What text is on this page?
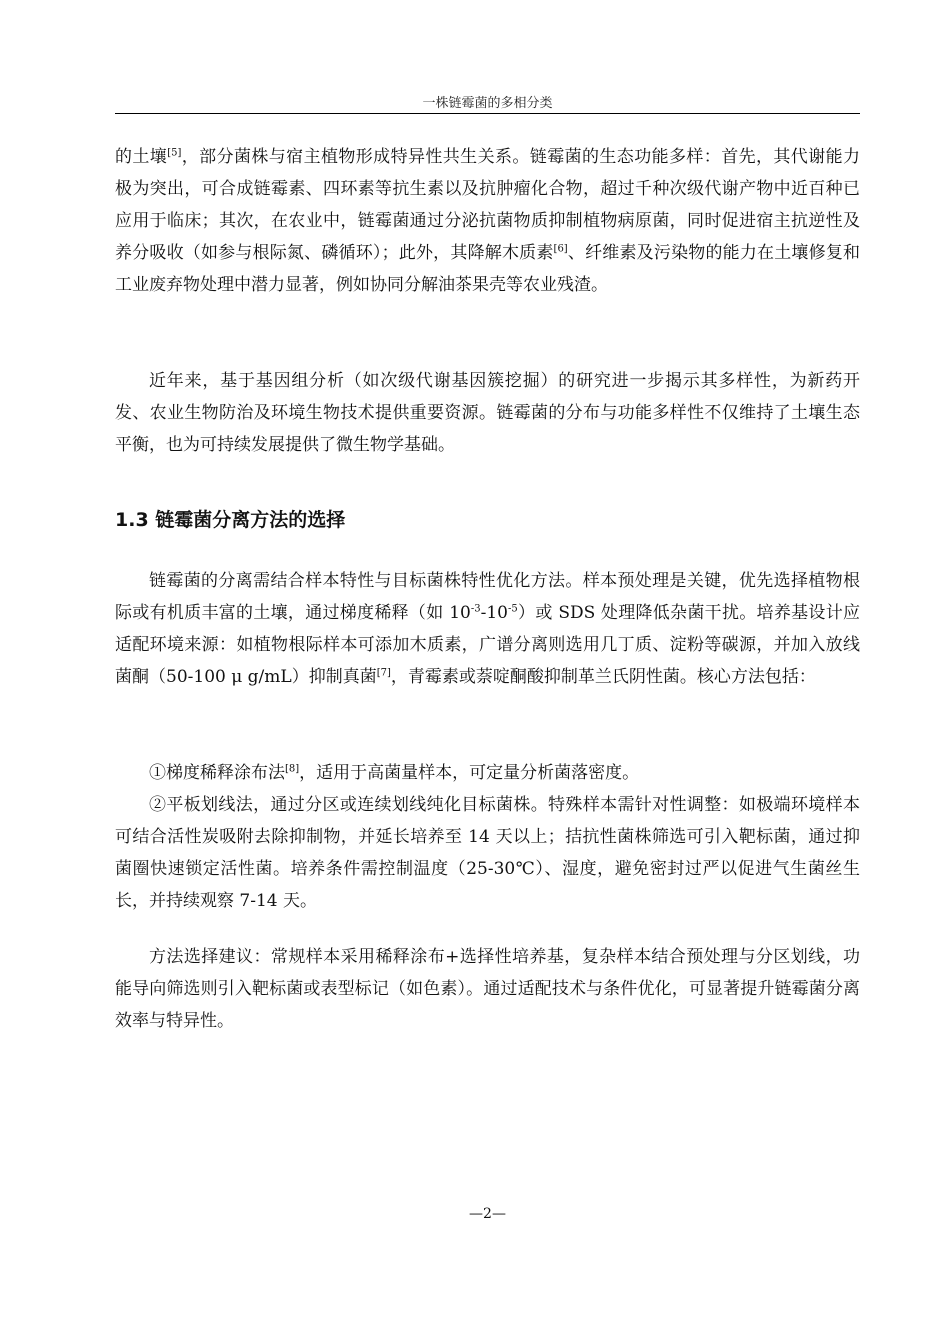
一株链霉菌的多相分类

的土壤[5]，部分菌株与宿主植物形成特异性共生关系。链霉菌的生态功能多样：首先，其代谢能力极为突出，可合成链霉素、四环素等抗生素以及抗肿瘤化合物，超过千种次级代谢产物中近百种已应用于临床；其次，在农业中，链霉菌通过分泌抗菌物质抑制植物病原菌，同时促进宿主抗逆性及养分吸收（如参与根际氮、磷循环）；此外，其降解木质素[6]、纤维素及污染物的能力在土壤修复和工业废弃物处理中潜力显著，例如协同分解油茶果壳等农业残渣。

近年来，基于基因组分析（如次级代谢基因簇挖掘）的研究进一步揭示其多样性，为新药开发、农业生物防治及环境生物技术提供重要资源。链霉菌的分布与功能多样性不仅维持了土壤生态平衡，也为可持续发展提供了微生物学基础。

1.3 链霉菌分离方法的选择

链霉菌的分离需结合样本特性与目标菌株特性优化方法。样本预处理是关键，优先选择植物根际或有机质丰富的土壤，通过梯度稀释（如 $10^{-3}-10^{-5}$）或 SDS 处理降低杂菌干扰。培养基设计应适配环境来源：如植物根际样本可添加木质素，广谱分离则选用几丁质、淀粉等碳源，并加入放线菌酮（50-100 μ g/mL）抑制真菌[7]，青霉素或萘啶酮酸抑制革兰氏阴性菌。核心方法包括：

①梯度稀释涂布法[8]，适用于高菌量样本，可定量分析菌落密度。

②平板划线法，通过分区或连续划线纯化目标菌株。特殊样本需针对性调整：如极端环境样本可结合活性炭吸附去除抑制物，并延长培养至 14 天以上；拮抗性菌株筛选可引入靶标菌，通过抑菌圈快速锁定活性菌。培养条件需控制温度（25-30℃）、湿度，避免密封过严以促进气生菌丝生长，并持续观察 7-14 天。

方法选择建议：常规样本采用稀释涂布+选择性培养基，复杂样本结合预处理与分区划线，功能导向筛选则引入靶标菌或表型标记（如色素）。通过适配技术与条件优化，可显著提升链霉菌分离效率与特异性。

—2—
